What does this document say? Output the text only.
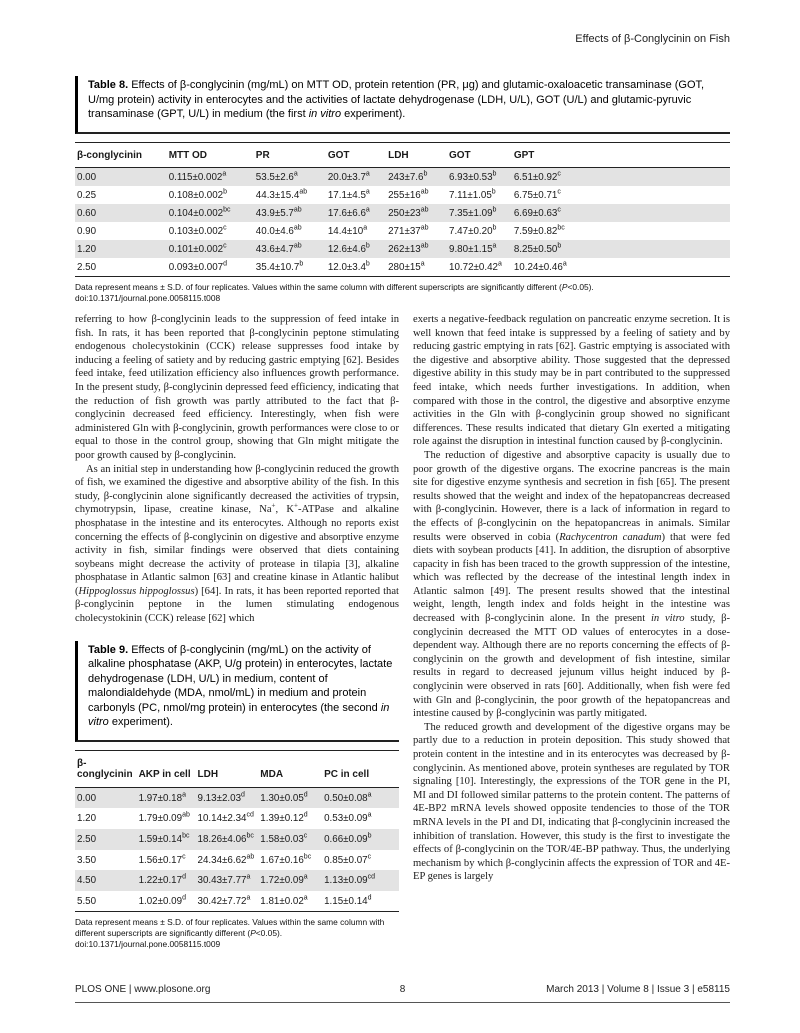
Effects of β-Conglycinin on Fish
Table 8. Effects of β-conglycinin (mg/mL) on MTT OD, protein retention (PR, μg) and glutamic-oxaloacetic transaminase (GOT, U/mg protein) activity in enterocytes and the activities of lactate dehydrogenase (LDH, U/L), GOT (U/L) and glutamic-pyruvic transaminase (GPT, U/L) in medium (the first in vitro experiment).
β-conglycinin	MTT OD	PR	GOT	LDH	GOT	GPT
0.00	0.115±0.002$^a$	53.5±2.6$^a$	20.0±3.7$^a$	243±7.6$^b$	6.93±0.53$^b$	6.51±0.92$^c$
0.25	0.108±0.002$^b$	44.3±15.4$^{ab}$	17.1±4.5$^a$	$255\pm 16^{ab}$	7.11±1.05$^b$	6.75±0.71$^c$
0.60	0.104±0.002$^{bc}$	43.9±5.7$^{ab}$	17.6±6.6$^a$	$250\pm 23^{ab}$	7.35±1.09$^b$	6.69±0.63$^c$
0.90	0.103±0.002$^c$	40.0±4.6$^{ab}$	$14.4\pm 10^a$	$271\pm 37^{ab}$	7.47±0.20$^b$	7.59±0.82$^{bc}$
1.20	0.101±0.002$^c$	43.6±4.7$^{ab}$	12.6±4.6$^b$	$262\pm 13^{ab}$	9.80±1.15$^a$	8.25±0.50$^b$
2.50	0.093±0.007$^d$	35.4±10.7$^b$	12.0±3.4$^b$	$280\pm 15^a$	10.72±0.42$^a$	10.24±0.46$^a$
Data represent means ± S.D. of four replicates. Values within the same column with different superscripts are significantly different (P<0.05).
doi:10.1371/journal.pone.0058115.t008

referring to how β-conglycinin leads to the suppression of feed intake in fish. In rats, it has been reported that β-conglycinin peptone stimulating endogenous cholecystokinin (CCK) release suppresses food intake by inducing a feeling of satiety and by reducing gastric emptying [62]. Besides feed intake, feed utilization efficiency also influences growth performance. In the present study, β-conglycinin depressed feed efficiency, indicating that the reduction of fish growth was partly attributed to the fact that β-conglycinin decreased feed efficiency. Interestingly, when fish were administered Gln with β-conglycinin, growth performances were close to or equal to those in the control group, showing that Gln might mitigate the poor growth caused by β-conglycinin.

As an initial step in understanding how β-conglycinin reduced the growth of fish, we examined the digestive and absorptive ability of the fish. In this study, β-conglycinin alone significantly decreased the activities of trypsin, chymotrypsin, lipase, creatine kinase, Na+, K+-ATPase and alkaline phosphatase in the intestine and its enterocytes. Although no reports exist concerning the effects of β-conglycinin on digestive and absorptive enzyme activity in fish, similar findings were observed that diets containing soybeans might decrease the activity of protease in tilapia [3], alkaline phosphatase in Atlantic salmon [63] and creatine kinase in Atlantic halibut (Hippoglossus hippoglossus) [64]. In rats, it has been reported reported that β-conglycinin peptone in the lumen stimulating endogenous cholecystokinin (CCK) release [62] which

Table 9. Effects of β-conglycinin (mg/mL) on the activity of alkaline phosphatase (AKP, U/g protein) in enterocytes, lactate dehydrogenase (LDH, U/L) in medium, content of malondialdehyde (MDA, nmol/mL) in medium and protein carbonyls (PC, nmol/mg protein) in enterocytes (the second in vitro experiment).
β-conglycinin	AKP in cell	LDH	MDA	PC in cell
0.00	1.97±0.18$^a$	9.13±2.03$^d$	1.30±0.05$^d$	0.50±0.08$^a$
1.20	1.79±0.09$^{ab}$	10.14±2.34$^{cd}$	1.39±0.12$^d$	0.53±0.09$^a$
2.50	1.59±0.14$^{bc}$	18.26±4.06$^{bc}$	1.58±0.03$^c$	0.66±0.09$^b$
3.50	1.56±0.17$^c$	24.34±6.62$^{ab}$	1.67±0.16$^{bc}$	0.85±0.07$^c$
4.50	1.22±0.17$^d$	30.43±7.77$^a$	1.72±0.09$^a$	1.13±0.09$^{cd}$
5.50	1.02±0.09$^d$	30.42±7.72$^a$	1.81±0.02$^a$	1.15±0.14$^d$
Data represent means ± S.D. of four replicates. Values within the same column with different superscripts are significantly different (P<0.05).
doi:10.1371/journal.pone.0058115.t009

exerts a negative-feedback regulation on pancreatic enzyme secretion. It is well known that feed intake is suppressed by a feeling of satiety and by reducing gastric emptying in rats [62]. Gastric emptying is associated with the digestive and absorptive ability. Those suggested that the depressed digestive ability in this study may be in part contributed to the suppressed feed intake, which needs further investigations. In addition, when compared with those in the control, the digestive and absorptive enzyme activities in the Gln with β-conglycinin group showed no significant differences. These results indicated that dietary Gln exerted a mitigating role against the disruption in intestinal function caused by β-conglycinin.

The reduction of digestive and absorptive capacity is usually due to poor growth of the digestive organs. The exocrine pancreas is the main site for digestive enzyme synthesis and secretion in fish [65]. The present results showed that the weight and index of the hepatopancreas decreased with β-conglycinin. However, there is a lack of information in regard to the effects of β-conglycinin on the hepatopancreas in animals. Similar results were observed in cobia (Rachycentron canadum) that were fed diets with soybean products [41]. In addition, the disruption of absorptive capacity in fish has been traced to the growth suppression of the intestine, which was reflected by the decrease of the intestinal length index in Atlantic salmon [49]. The present results showed that the intestinal weight, length, length index and folds height in the intestine was decreased with β-conglycinin alone. In the present in vitro study, β-conglycinin decreased the MTT OD values of enterocytes in a dose-dependent way. Although there are no reports concerning the effects of β-conglycinin on the growth and development of fish intestine, similar results in regard to decreased jejunum villus height induced by β-conglycinin were observed in rats [60]. Additionally, when fish were fed with Gln and β-conglycinin, the poor growth of the hepatopancreas and intestine caused by β-conglycinin was partly mitigated.

The reduced growth and development of the digestive organs may be partly due to a reduction in protein deposition. This study showed that protein content in the intestine and in its enterocytes was decreased by β-conglycinin. As mentioned above, protein syntheses are regulated by TOR signaling [10]. Interestingly, the expressions of the TOR gene in the PI, MI and DI followed similar patterns to the protein content. The patterns of 4E-BP2 mRNA levels showed opposite tendencies to those of the TOR mRNA levels in the PI and DI, indicating that β-conglycinin increased the inhibition of translation. However, this study is the first to investigate the effects of β-conglycinin on the TOR/4E-BP pathway. Thus, the underlying mechanism by which β-conglycinin affects the expression of TOR and 4E-EP genes is largely

PLOS ONE | www.plosone.org	8	March 2013 | Volume 8 | Issue 3 | e58115
